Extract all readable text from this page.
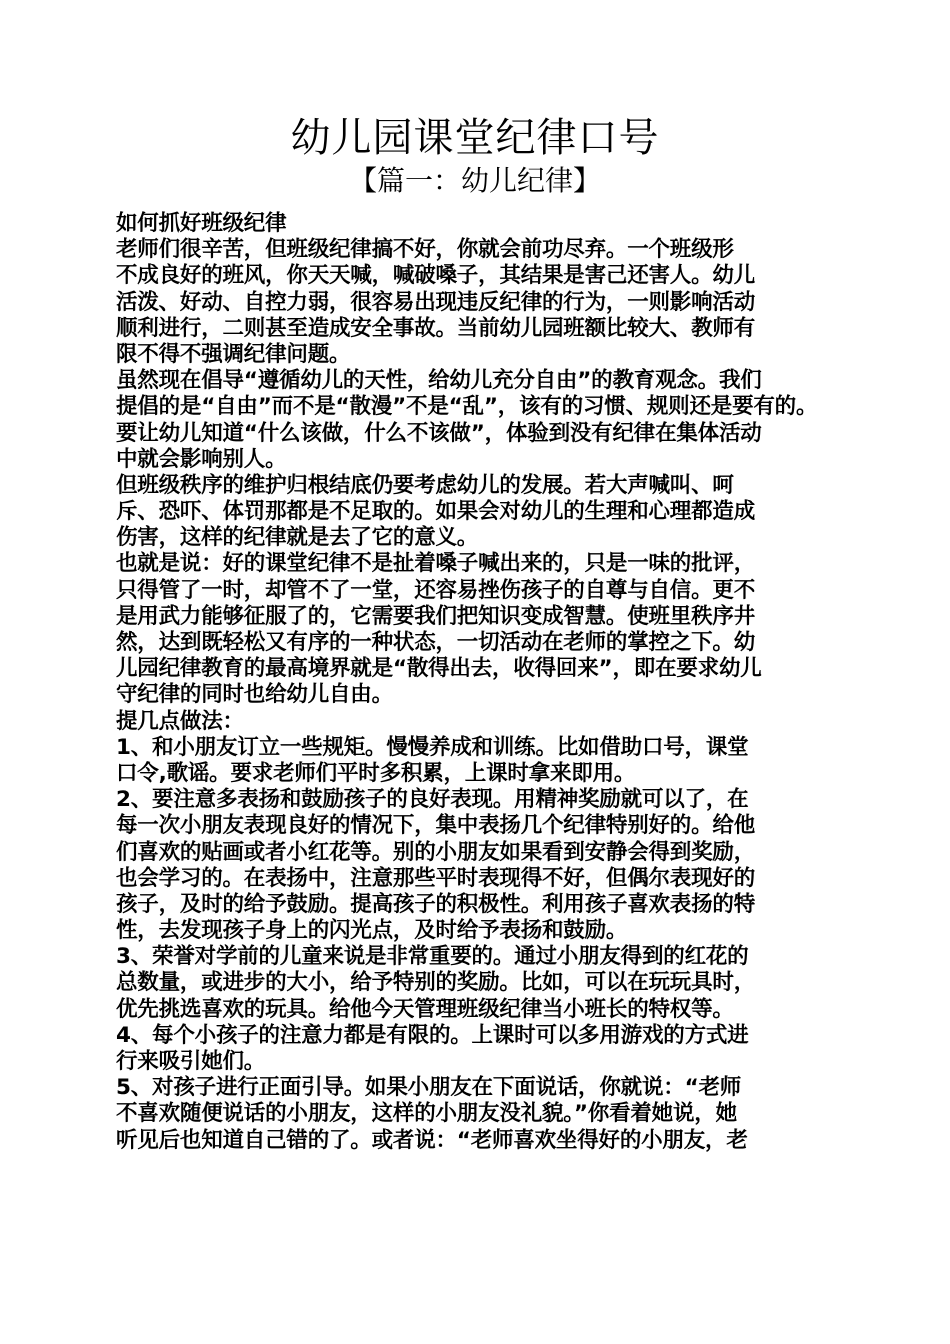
幼儿园课堂纪律口号
【篇一：幼儿纪律】
如何抓好班级纪律
老师们很辛苦，但班级纪律搞不好，你就会前功尽弃。一个班级形
不成良好的班风，你天天喊，喊破嗓子，其结果是害己还害人。幼儿
活泼、好动、自控力弱，很容易出现违反纪律的行为，一则影响活动
顺利进行，二则甚至造成安全事故。当前幼儿园班额比较大、教师有
限不得不强调纪律问题。
虽然现在倡导“遵循幼儿的天性，给幼儿充分自由”的教育观念。我们
提倡的是“自由”而不是“散漫”不是“乱”，该有的习惯、规则还是要有的。
要让幼儿知道“什么该做，什么不该做”，体验到没有纪律在集体活动
中就会影响别人。
但班级秩序的维护归根结底仍要考虑幼儿的发展。若大声喊叫、呵
斥、恐吓、体罚那都是不足取的。如果会对幼儿的生理和心理都造成
伤害，这样的纪律就是去了它的意义。
也就是说：好的课堂纪律不是扯着嗓子喊出来的，只是一味的批评，
只得管了一时，却管不了一堂，还容易挫伤孩子的自尊与自信。更不
是用武力能够征服了的，它需要我们把知识变成智慧。使班里秩序井
然，达到既轻松又有序的一种状态，一切活动在老师的掌控之下。幼
儿园纪律教育的最高境界就是“散得出去，收得回来”，即在要求幼儿
守纪律的同时也给幼儿自由。
提几点做法：
1、和小朋友订立一些规矩。慢慢养成和训练。比如借助口号，课堂
口令,歌谣。要求老师们平时多积累，上课时拿来即用。
2、要注意多表扬和鼓励孩子的良好表现。用精神奖励就可以了，在
每一次小朋友表现良好的情况下，集中表扬几个纪律特别好的。给他
们喜欢的贴画或者小红花等。别的小朋友如果看到安静会得到奖励，
也会学习的。在表扬中，注意那些平时表现得不好，但偶尔表现好的
孩子，及时的给予鼓励。提高孩子的积极性。利用孩子喜欢表扬的特
性，去发现孩子身上的闪光点，及时给予表扬和鼓励。
3、荣誉对学前的儿童来说是非常重要的。通过小朋友得到的红花的
总数量，或进步的大小，给予特别的奖励。比如，可以在玩玩具时，
优先挑选喜欢的玩具。给他今天管理班级纪律当小班长的特权等。
4、每个小孩子的注意力都是有限的。上课时可以多用游戏的方式进
行来吸引她们。
5、对孩子进行正面引导。如果小朋友在下面说话，你就说：“老师
不喜欢随便说话的小朋友，这样的小朋友没礼貌。”你看着她说，她
听见后也知道自己错的了。或者说：“老师喜欢坐得好的小朋友，老
